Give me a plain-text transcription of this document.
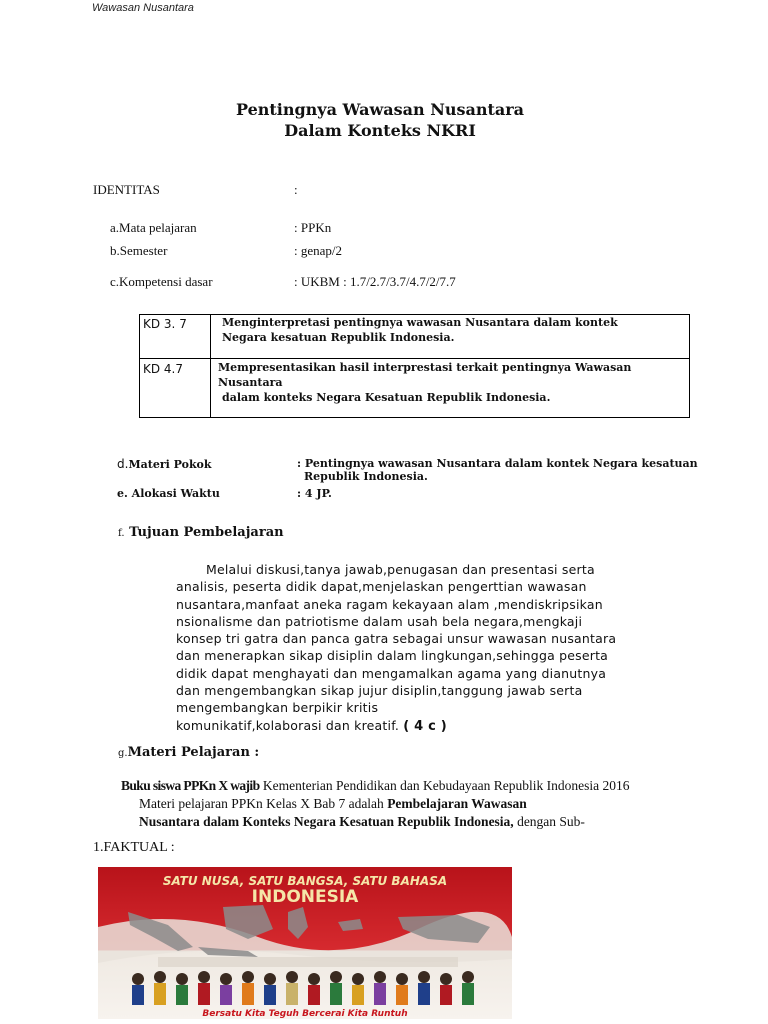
Wawasan Nusantara
Pentingnya Wawasan Nusantara
Dalam Konteks NKRI
IDENTITAS	:
a.Mata pelajaran	: PPKn
b.Semester	: genap/2
c.Kompetensi dasar	: UKBM : 1.7/2.7/3.7/4.7/2/7.7
KD 3. 7	Menginterpretasi pentingnya wawasan Nusantara dalam kontek
Negara kesatuan Republik Indonesia.
KD 4.7	Mempresentasikan hasil interprestasi terkait pentingnya Wawasan Nusantara
dalam konteks Negara Kesatuan Republik Indonesia.
d.Materi Pokok	: Pentingnya wawasan Nusantara dalam kontek Negara kesatuan
Republik Indonesia.
e. Alokasi Waktu	: 4 JP.
f. Tujuan Pembelajaran
Melalui diskusi,tanya jawab,penugasan dan presentasi serta
analisis, peserta didik dapat,menjelaskan pengerttian wawasan
nusantara,manfaat aneka ragam kekayaan alam ,mendiskripsikan
nsionalisme dan patriotisme dalam usah bela negara,mengkaji
konsep tri gatra dan panca gatra sebagai unsur wawasan nusantara
dan menerapkan sikap disiplin dalam lingkungan,sehingga peserta
didik dapat menghayati dan mengamalkan agama yang dianutnya
dan mengembangkan sikap jujur disiplin,tanggung jawab serta
mengembangkan berpikir kritis
komunikatif,kolaborasi dan kreatif. ( 4 c )
g.Materi Pelajaran :
Buku siswa PPKn X wajib Kementerian Pendidikan dan Kebudayaan Republik Indonesia 2016
Materi pelajaran PPKn Kelas X Bab 7 adalah Pembelajaran Wawasan
Nusantara dalam Konteks Negara Kesatuan Republik Indonesia, dengan Sub-
1.FAKTUAL :
SATU NUSA, SATU BANGSA, SATU BAHASA
INDONESIA
Bersatu Kita Teguh Bercerai Kita Runtuh
